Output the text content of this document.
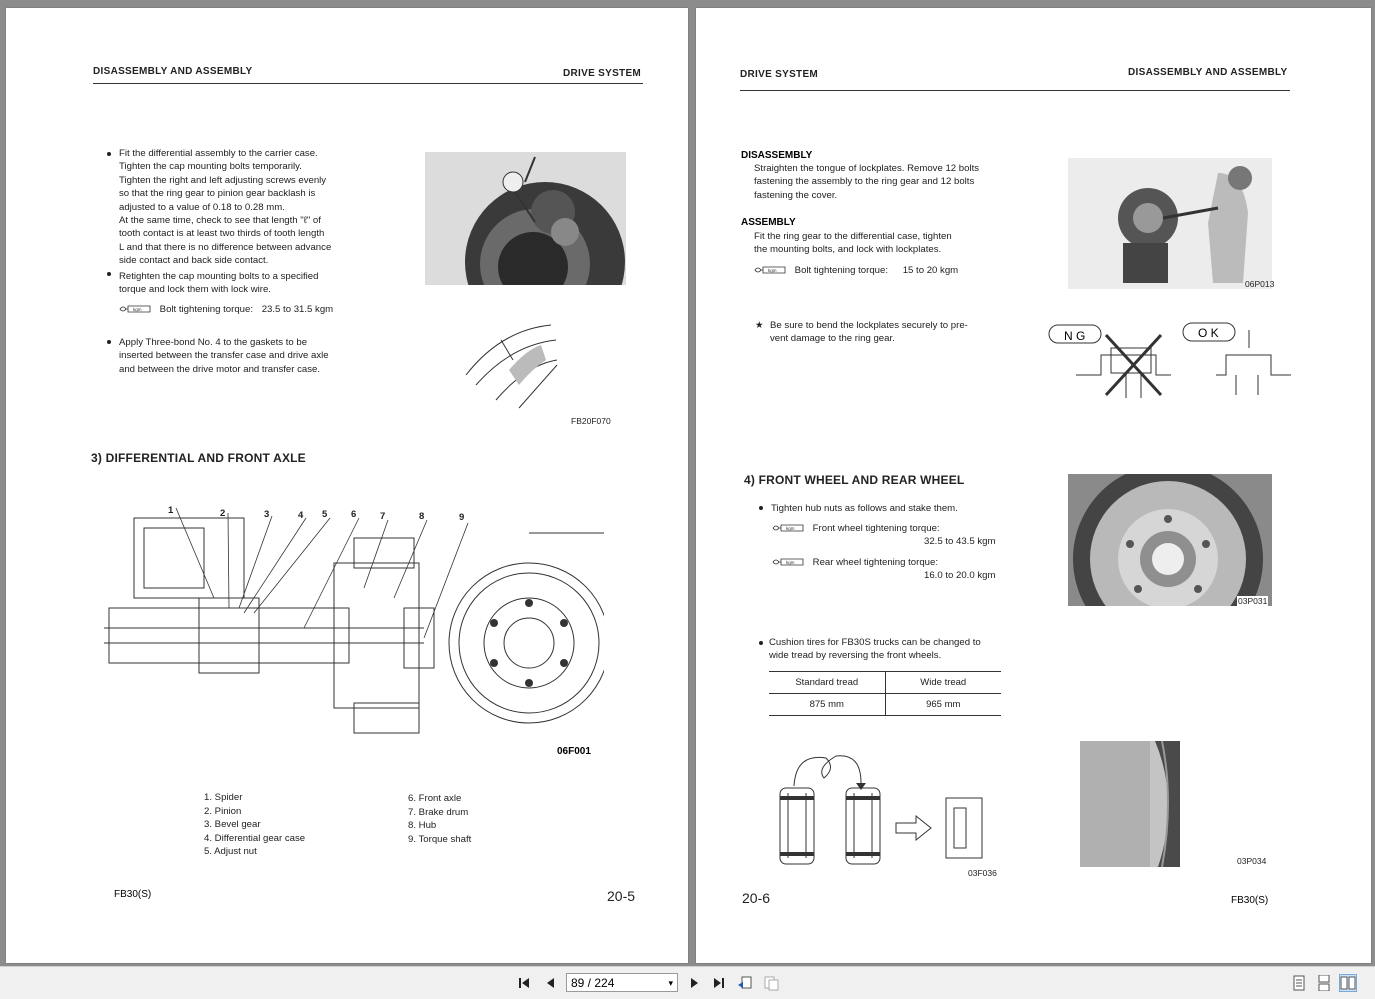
DISASSEMBLY AND ASSEMBLY	DRIVE SYSTEM
Fit the differential assembly to the carrier case.
Tighten the cap mounting bolts temporarily.
Tighten the right and left adjusting screws evenly
so that the ring gear to pinion gear backlash is
adjusted to a value of 0.18 to 0.28 mm.
At the same time, check to see that length "ℓ" of
tooth contact is at least two thirds of tooth length
L and that there is no difference between advance
side contact and back side contact.
Retighten the cap mounting bolts to a specified
torque and lock them with lock wire.
kgm Bolt tightening torque: 23.5 to 31.5 kgm
Apply Three-bond No. 4 to the gaskets to be
inserted between the transfer case and drive axle
and between the drive motor and transfer case.
FB20F070
3) DIFFERENTIAL AND FRONT AXLE
1	2	3	4 5 6 7	8	9
06F001
1. Spider
2. Pinion
3. Bevel gear
4. Differential gear case
5. Adjust nut
6. Front axle
7. Brake drum
8. Hub
9. Torque shaft
FB30(S)	20-5
DRIVE SYSTEM	DISASSEMBLY AND ASSEMBLY
DISASSEMBLY
Straighten the tongue of lockplates. Remove 12 bolts
fastening the assembly to the ring gear and 12 bolts
fastening the cover.
ASSEMBLY
Fit the ring gear to the differential case, tighten
the mounting bolts, and lock with lockplates.
kgm Bolt tightening torque: 15 to 20 kgm
06P013
★ Be sure to bend the lockplates securely to pre-
vent damage to the ring gear.	N G	O K
4) FRONT WHEEL AND REAR WHEEL
Tighten hub nuts as follows and stake them.
kgm Front wheel tightening torque:
32.5 to 43.5 kgm
kgm Rear wheel tightening torque:
16.0 to 20.0 kgm
03P031
Cushion tires for FB30S trucks can be changed to
wide tread by reversing the front wheels.
Standard tread	Wide tread
875 mm	965 mm
03F036
03P034
20-6	FB30(S)
89 / 224	▾
